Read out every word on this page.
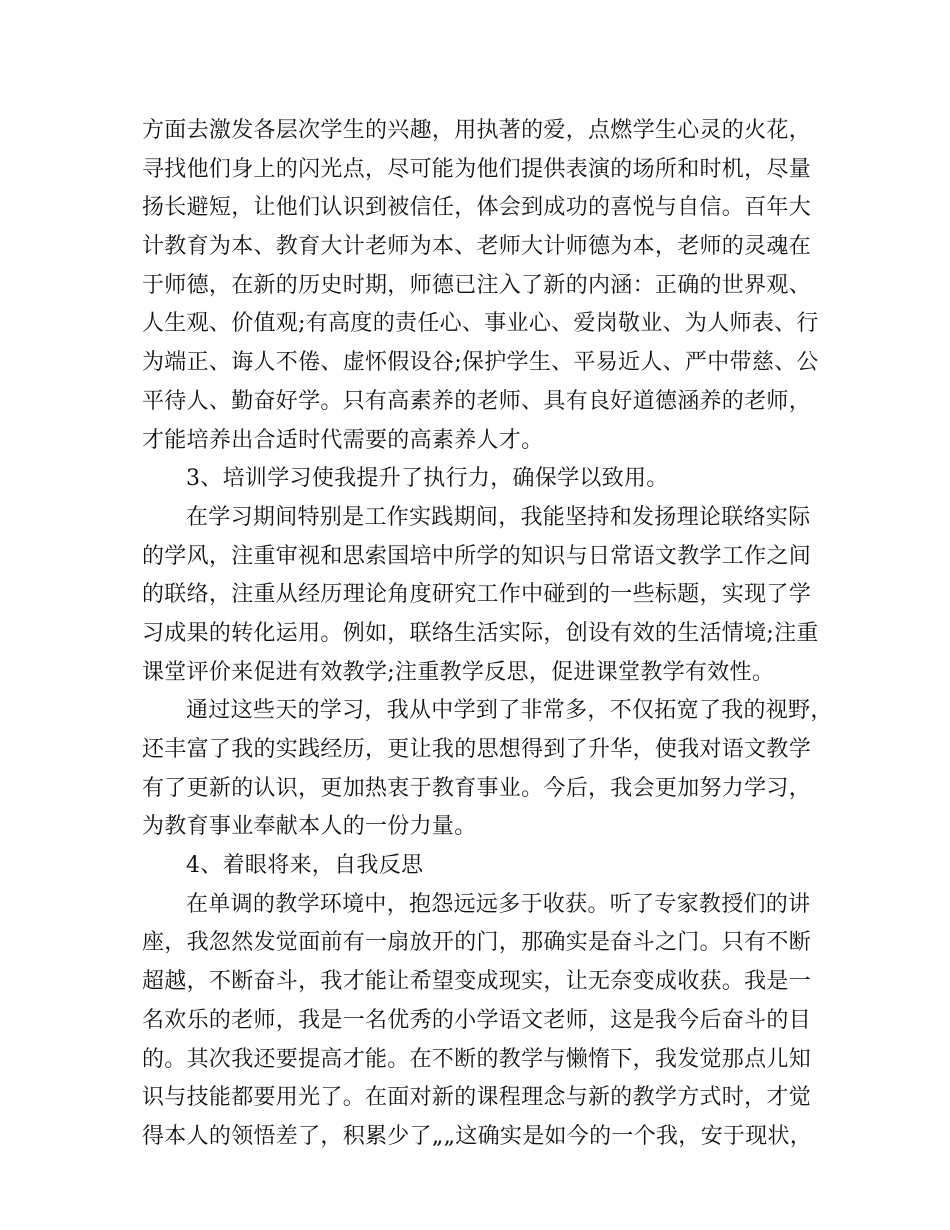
方面去激发各层次学生的兴趣，用执著的爱，点燃学生心灵的火花，
寻找他们身上的闪光点，尽可能为他们提供表演的场所和时机，尽量
扬长避短，让他们认识到被信任，体会到成功的喜悦与自信。百年大
计教育为本、教育大计老师为本、老师大计师德为本，老师的灵魂在
于师德，在新的历史时期，师德已注入了新的内涵：正确的世界观、
人生观、价值观;有高度的责任心、事业心、爱岗敬业、为人师表、行
为端正、诲人不倦、虚怀假设谷;保护学生、平易近人、严中带慈、公
平待人、勤奋好学。只有高素养的老师、具有良好道德涵养的老师，
才能培养出合适时代需要的高素养人才。
3、培训学习使我提升了执行力，确保学以致用。
在学习期间特别是工作实践期间，我能坚持和发扬理论联络实际
的学风，注重审视和思索国培中所学的知识与日常语文教学工作之间
的联络，注重从经历理论角度研究工作中碰到的一些标题，实现了学
习成果的转化运用。例如，联络生活实际，创设有效的生活情境;注重
课堂评价来促进有效教学;注重教学反思，促进课堂教学有效性。
通过这些天的学习，我从中学到了非常多，不仅拓宽了我的视野，
还丰富了我的实践经历，更让我的思想得到了升华，使我对语文教学
有了更新的认识，更加热衷于教育事业。今后，我会更加努力学习，
为教育事业奉献本人的一份力量。
4、着眼将来，自我反思
在单调的教学环境中，抱怨远远多于收获。听了专家教授们的讲
座，我忽然发觉面前有一扇放开的门，那确实是奋斗之门。只有不断
超越，不断奋斗，我才能让希望变成现实，让无奈变成收获。我是一
名欢乐的老师，我是一名优秀的小学语文老师，这是我今后奋斗的目
的。其次我还要提高才能。在不断的教学与懒惰下，我发觉那点儿知
识与技能都要用光了。在面对新的课程理念与新的教学方式时，才觉
得本人的领悟差了，积累少了„„这确实是如今的一个我，安于现状，
